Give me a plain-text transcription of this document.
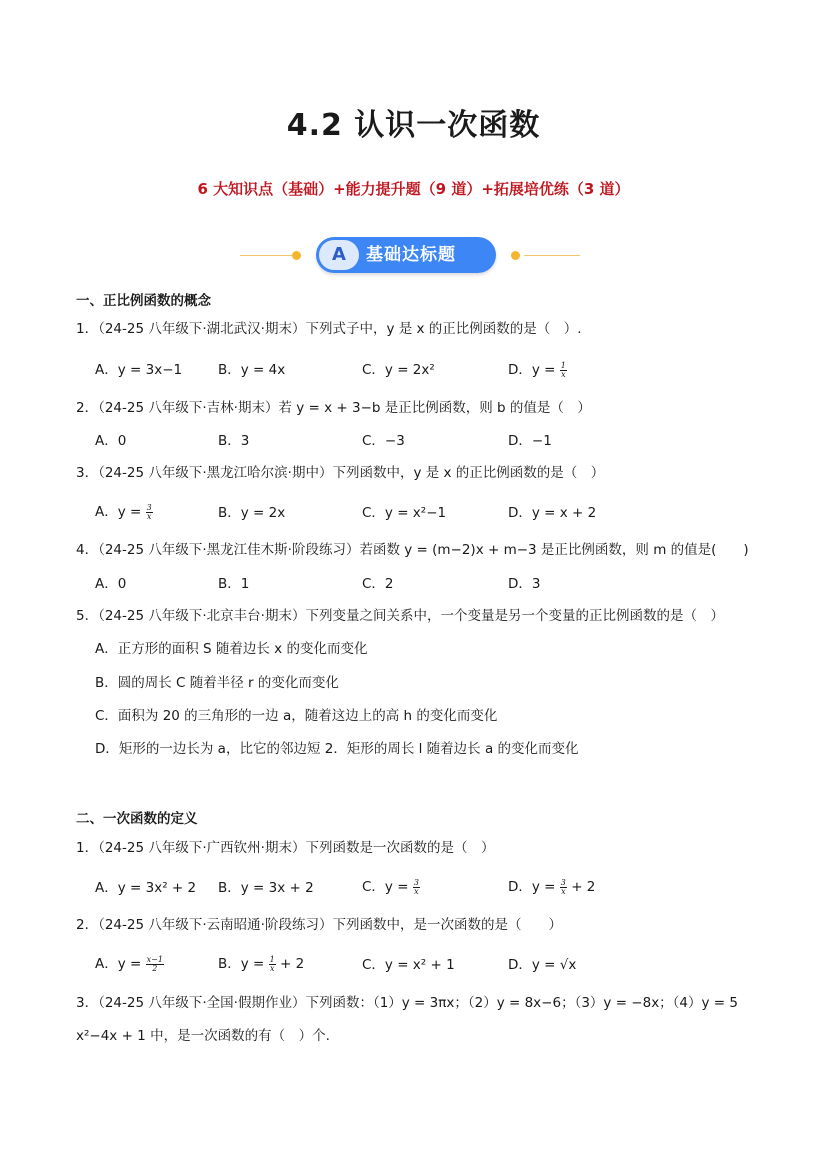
4.2 认识一次函数
6 大知识点（基础）+能力提升题（9 道）+拓展培优练（3 道）
A	基础达标题
一、正比例函数的概念
1．（24-25 八年级下·湖北武汉·期末）下列式子中，y 是 x 的正比例函数的是（　）.
A．y = 3x−1	B．y = 4x	C．y = 2x²	D．$y = \frac{1}{x}$
2．（24-25 八年级下·吉林·期末）若 y = x + 3−b 是正比例函数，则 b 的值是（　）
A．0	B．3	C．−3	D．−1
3．（24-25 八年级下·黑龙江哈尔滨·期中）下列函数中，y 是 x 的正比例函数的是（　）
A．$y = \frac{3}{x}$	B．y = 2x	C．y = x²−1	D．y = x + 2
4．（24-25 八年级下·黑龙江佳木斯·阶段练习）若函数 y = (m−2)x + m−3 是正比例函数，则 m 的值是(　　)
A．0	B．1	C．2	D．3
5．（24-25 八年级下·北京丰台·期末）下列变量之间关系中，一个变量是另一个变量的正比例函数的是（　）
A．正方形的面积 S 随着边长 x 的变化而变化
B．圆的周长 C 随着半径 r 的变化而变化
C．面积为 20 的三角形的一边 a，随着这边上的高 h 的变化而变化
D．矩形的一边长为 a，比它的邻边短 2．矩形的周长 l 随着边长 a 的变化而变化
二、一次函数的定义
1．（24-25 八年级下·广西钦州·期末）下列函数是一次函数的是（　）
A．y = 3x² + 2 B．y = 3x + 2	C．$y = \frac{3}{x}$	D．$y = \frac{3}{x} + 2$
2．（24-25 八年级下·云南昭通·阶段练习）下列函数中，是一次函数的是（　　）
A．$y = \frac{x-1}{2}$	B．$y = \frac{1}{x} + 2$	C．y = x² + 1	D．y = √x
3．（24-25 八年级下·全国·假期作业）下列函数：（1）y = 3πx；（2）y = 8x−6；（3）y = −8x；（4）y = 5
x²−4x + 1 中，是一次函数的有（　）个.
